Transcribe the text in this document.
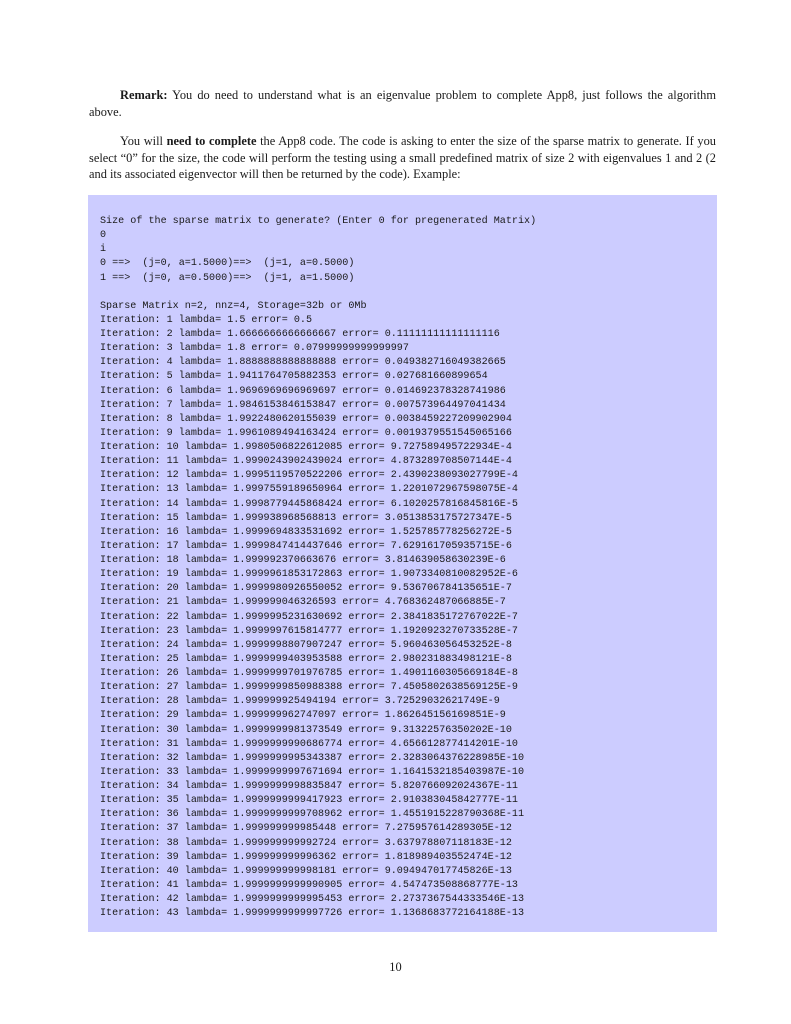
Remark: You do need to understand what is an eigenvalue problem to complete App8, just follows the algorithm above.

You will need to complete the App8 code. The code is asking to enter the size of the sparse matrix to generate. If you select “0” for the size, the code will perform the testing using a small predefined matrix of size 2 with eigenvalues 1 and 2 (2 and its associated eigenvector will then be returned by the code). Example:

Size of the sparse matrix to generate? (Enter 0 for pregenerated Matrix)
0
i
0 ==>  (j=0, a=1.5000)==>  (j=1, a=0.5000)
1 ==>  (j=0, a=0.5000)==>  (j=1, a=1.5000)
Sparse Matrix n=2, nnz=4, Storage=32b or 0Mb
Iteration: 1 lambda= 1.5 error= 0.5
Iteration: 2 lambda= 1.6666666666666667 error= 0.11111111111111116
Iteration: 3 lambda= 1.8 error= 0.07999999999999997
Iteration: 4 lambda= 1.8888888888888888 error= 0.049382716049382665
Iteration: 5 lambda= 1.9411764705882353 error= 0.027681660899654
Iteration: 6 lambda= 1.9696969696969697 error= 0.014692378328741986
Iteration: 7 lambda= 1.9846153846153847 error= 0.007573964497041434
Iteration: 8 lambda= 1.9922480620155039 error= 0.0038459227209902904
Iteration: 9 lambda= 1.9961089494163424 error= 0.0019379551545065166
Iteration: 10 lambda= 1.9980506822612085 error= 9.727589495722934E-4
Iteration: 11 lambda= 1.9990243902439024 error= 4.873289708507144E-4
Iteration: 12 lambda= 1.9995119570522206 error= 2.4390238093027799E-4
Iteration: 13 lambda= 1.9997559189650964 error= 1.2201072967598075E-4
Iteration: 14 lambda= 1.9998779445868424 error= 6.1020257816845816E-5
Iteration: 15 lambda= 1.999938968568813 error= 3.0513853175727347E-5
Iteration: 16 lambda= 1.9999694833531692 error= 1.525785778256272E-5
Iteration: 17 lambda= 1.9999847414437646 error= 7.629161705935715E-6
Iteration: 18 lambda= 1.999992370663676 error= 3.814639058630239E-6
Iteration: 19 lambda= 1.9999961853172863 error= 1.9073340810082952E-6
Iteration: 20 lambda= 1.9999980926550052 error= 9.536706784135651E-7
Iteration: 21 lambda= 1.999999046326593 error= 4.768362487066885E-7
Iteration: 22 lambda= 1.9999995231630692 error= 2.3841835172767022E-7
Iteration: 23 lambda= 1.9999997615814777 error= 1.1920923270733528E-7
Iteration: 24 lambda= 1.9999998807907247 error= 5.960463056453252E-8
Iteration: 25 lambda= 1.9999999403953588 error= 2.980231883498121E-8
Iteration: 26 lambda= 1.9999999701976785 error= 1.4901160305669184E-8
Iteration: 27 lambda= 1.9999999850988388 error= 7.4505802638569125E-9
Iteration: 28 lambda= 1.999999925494194 error= 3.72529032621749E-9
Iteration: 29 lambda= 1.999999962747097 error= 1.862645156169851E-9
Iteration: 30 lambda= 1.9999999981373549 error= 9.31322576350202E-10
Iteration: 31 lambda= 1.9999999990686774 error= 4.656612877414201E-10
Iteration: 32 lambda= 1.9999999995343387 error= 2.3283064376228985E-10
Iteration: 33 lambda= 1.9999999997671694 error= 1.1641532185403987E-10
Iteration: 34 lambda= 1.9999999998835847 error= 5.820766092024367E-11
Iteration: 35 lambda= 1.9999999999417923 error= 2.910383045842777E-11
Iteration: 36 lambda= 1.9999999999708962 error= 1.4551915228790368E-11
Iteration: 37 lambda= 1.999999999985448 error= 7.275957614289305E-12
Iteration: 38 lambda= 1.999999999992724 error= 3.637978807118183E-12
Iteration: 39 lambda= 1.999999999996362 error= 1.818989403552474E-12
Iteration: 40 lambda= 1.999999999998181 error= 9.094947017745826E-13
Iteration: 41 lambda= 1.9999999999990905 error= 4.547473508868777E-13
Iteration: 42 lambda= 1.9999999999995453 error= 2.2737367544333546E-13
Iteration: 43 lambda= 1.9999999999997726 error= 1.1368683772164188E-13
10
